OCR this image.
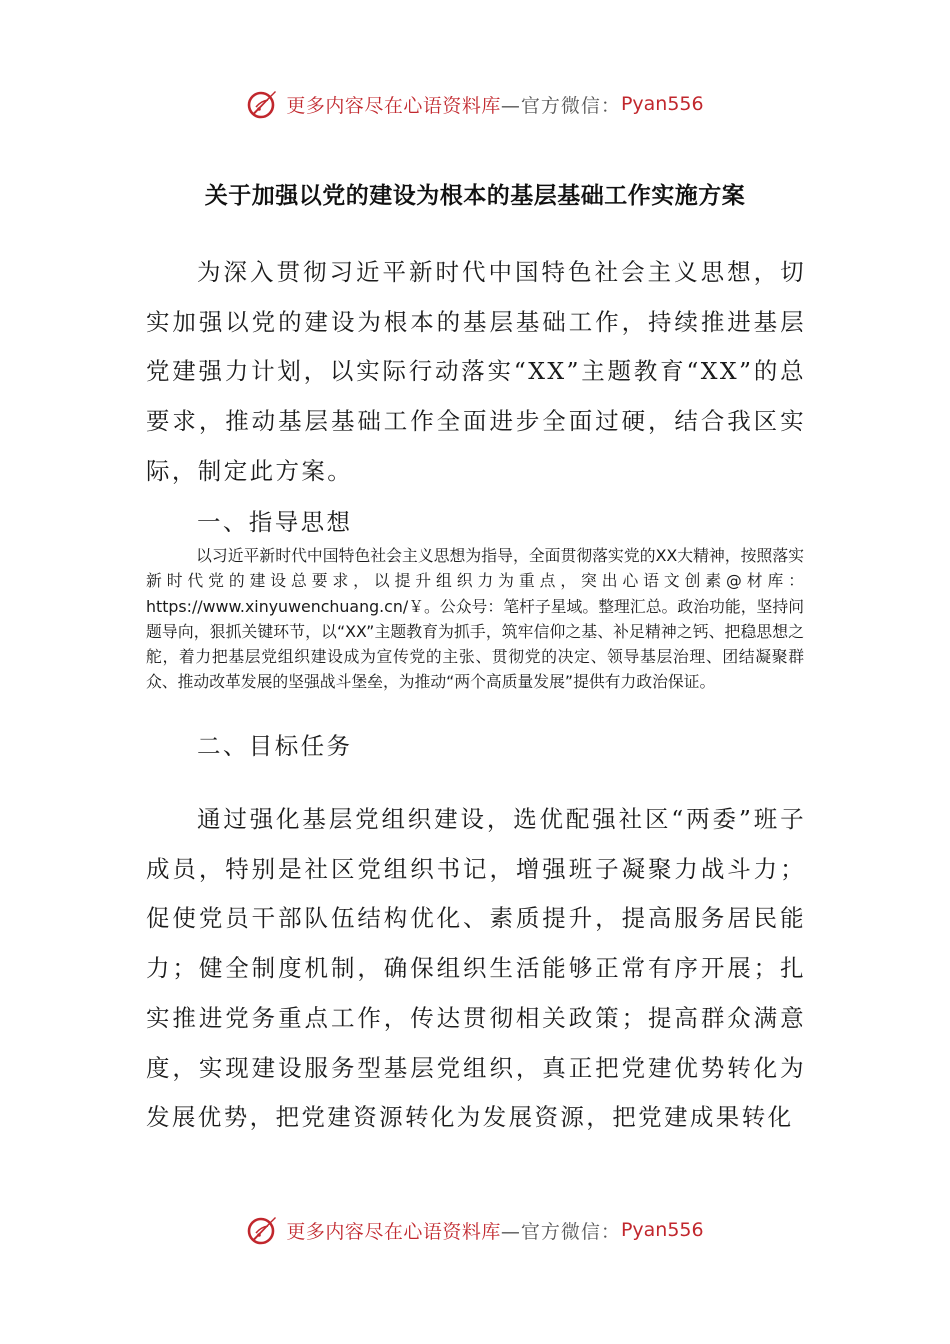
更多内容尽在心语资料库 —官方微信： Pyan556
关于加强以党的建设为根本的基层基础工作实施方案

为深入贯彻习近平新时代中国特色社会主义思想，切实加强以党的建设为根本的基层基础工作，持续推进基层党建强力计划，以实际行动落实“XX”主题教育“XX”的总要求，推动基层基础工作全面进步全面过硬，结合我区实际，制定此方案。

一、指导思想

以习近平新时代中国特色社会主义思想为指导，全面贯彻落实党的XX大精神，按照落实新时代党的建设总要求，以提升组织力为重点，突出心语文创素@材库：https://www.xinyuwenchuang.cn/￥。公众号：笔杆子星域。整理汇总。政治功能，坚持问题导向，狠抓关键环节，以“XX”主题教育为抓手，筑牢信仰之基、补足精神之钙、把稳思想之舵，着力把基层党组织建设成为宣传党的主张、贯彻党的决定、领导基层治理、团结凝聚群众、推动改革发展的坚强战斗堡垒，为推动“两个高质量发展”提供有力政治保证。

二、目标任务

通过强化基层党组织建设，选优配强社区“两委”班子成员，特别是社区党组织书记，增强班子凝聚力战斗力；促使党员干部队伍结构优化、素质提升，提高服务居民能力；健全制度机制，确保组织生活能够正常有序开展；扎实推进党务重点工作，传达贯彻相关政策；提高群众满意度，实现建设服务型基层党组织，真正把党建优势转化为发展优势，把党建资源转化为发展资源，把党建成果转化

更多内容尽在心语资料库 —官方微信： Pyan556
